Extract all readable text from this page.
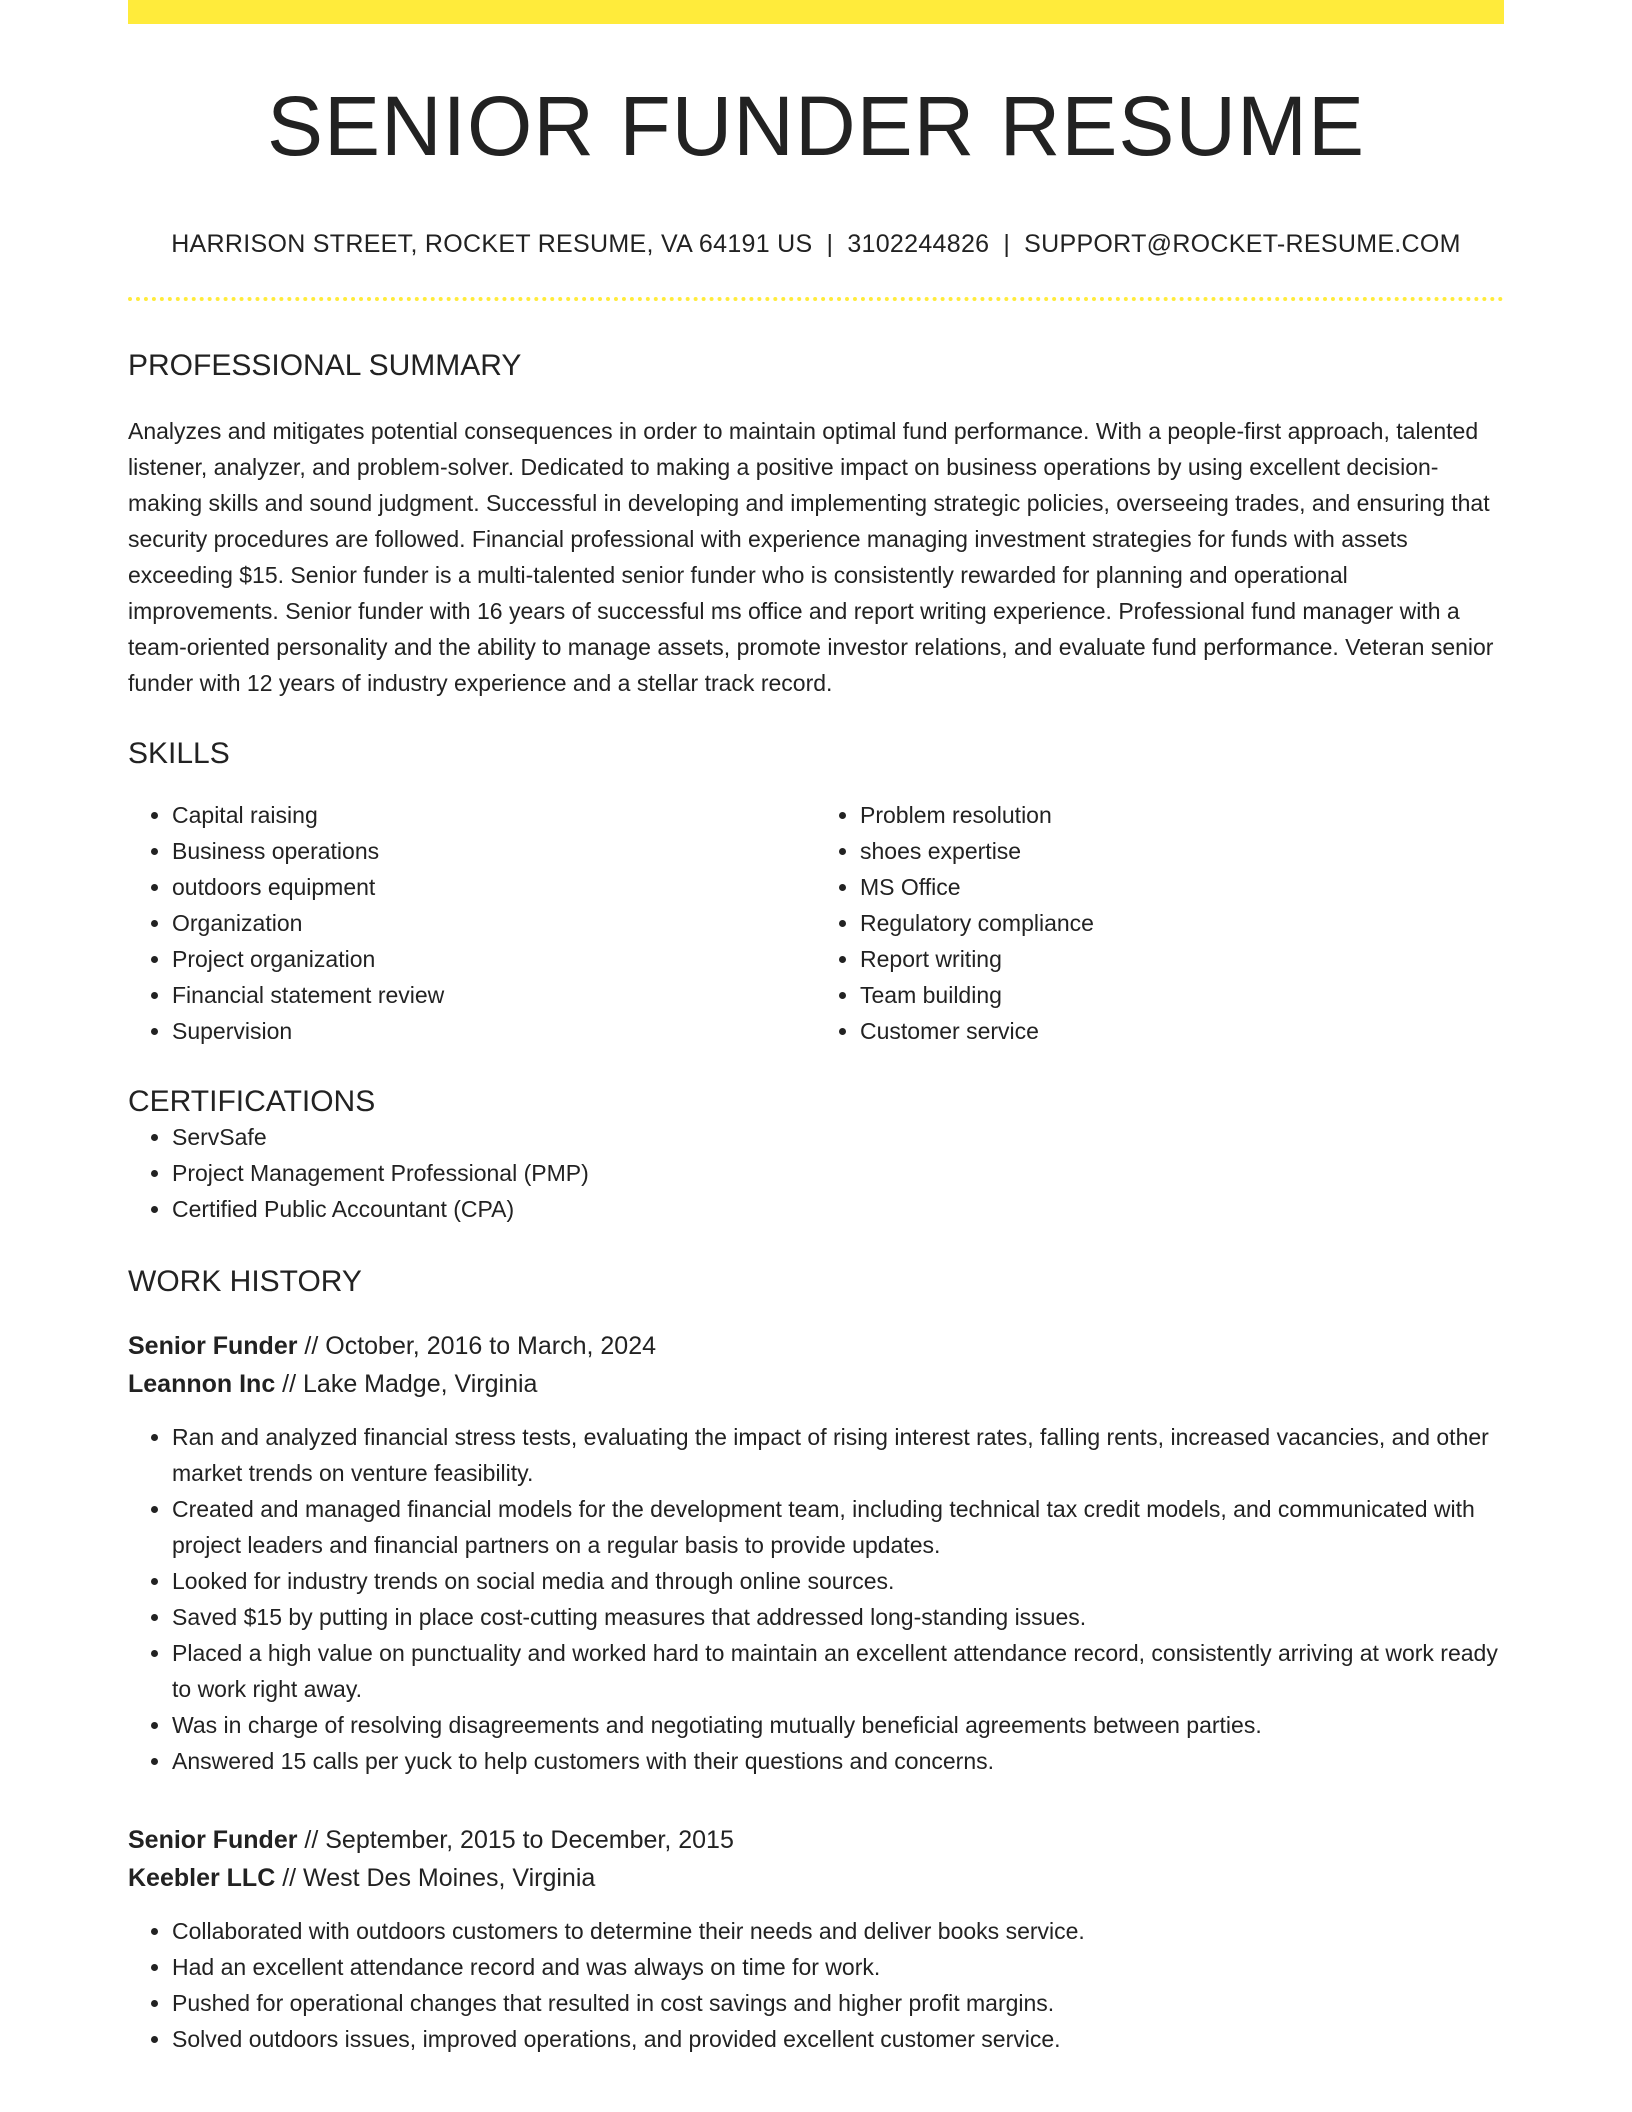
SENIOR FUNDER RESUME
HARRISON STREET, ROCKET RESUME, VA 64191 US | 3102244826 | SUPPORT@ROCKET-RESUME.COM
PROFESSIONAL SUMMARY

Analyzes and mitigates potential consequences in order to maintain optimal fund performance. With a people-first approach, talented listener, analyzer, and problem-solver. Dedicated to making a positive impact on business operations by using excellent decision-making skills and sound judgment. Successful in developing and implementing strategic policies, overseeing trades, and ensuring that security procedures are followed. Financial professional with experience managing investment strategies for funds with assets exceeding $15. Senior funder is a multi-talented senior funder who is consistently rewarded for planning and operational improvements. Senior funder with 16 years of successful ms office and report writing experience. Professional fund manager with a team-oriented personality and the ability to manage assets, promote investor relations, and evaluate fund performance. Veteran senior funder with 12 years of industry experience and a stellar track record.

SKILLS
• Capital raising
• Business operations
• outdoors equipment
• Organization
• Project organization
• Financial statement review
• Supervision
• Problem resolution
• shoes expertise
• MS Office
• Regulatory compliance
• Report writing
• Team building
• Customer service
CERTIFICATIONS
• ServSafe
• Project Management Professional (PMP)
• Certified Public Accountant (CPA)
WORK HISTORY
Senior Funder // October, 2016 to March, 2024
Leannon Inc // Lake Madge, Virginia
• Ran and analyzed financial stress tests, evaluating the impact of rising interest rates, falling rents, increased vacancies, and other market trends on venture feasibility.
• Created and managed financial models for the development team, including technical tax credit models, and communicated with project leaders and financial partners on a regular basis to provide updates.
• Looked for industry trends on social media and through online sources.
• Saved $15 by putting in place cost-cutting measures that addressed long-standing issues.
• Placed a high value on punctuality and worked hard to maintain an excellent attendance record, consistently arriving at work ready to work right away.
• Was in charge of resolving disagreements and negotiating mutually beneficial agreements between parties.
• Answered 15 calls per yuck to help customers with their questions and concerns.
Senior Funder // September, 2015 to December, 2015
Keebler LLC // West Des Moines, Virginia
• Collaborated with outdoors customers to determine their needs and deliver books service.
• Had an excellent attendance record and was always on time for work.
• Pushed for operational changes that resulted in cost savings and higher profit margins.
• Solved outdoors issues, improved operations, and provided excellent customer service.
